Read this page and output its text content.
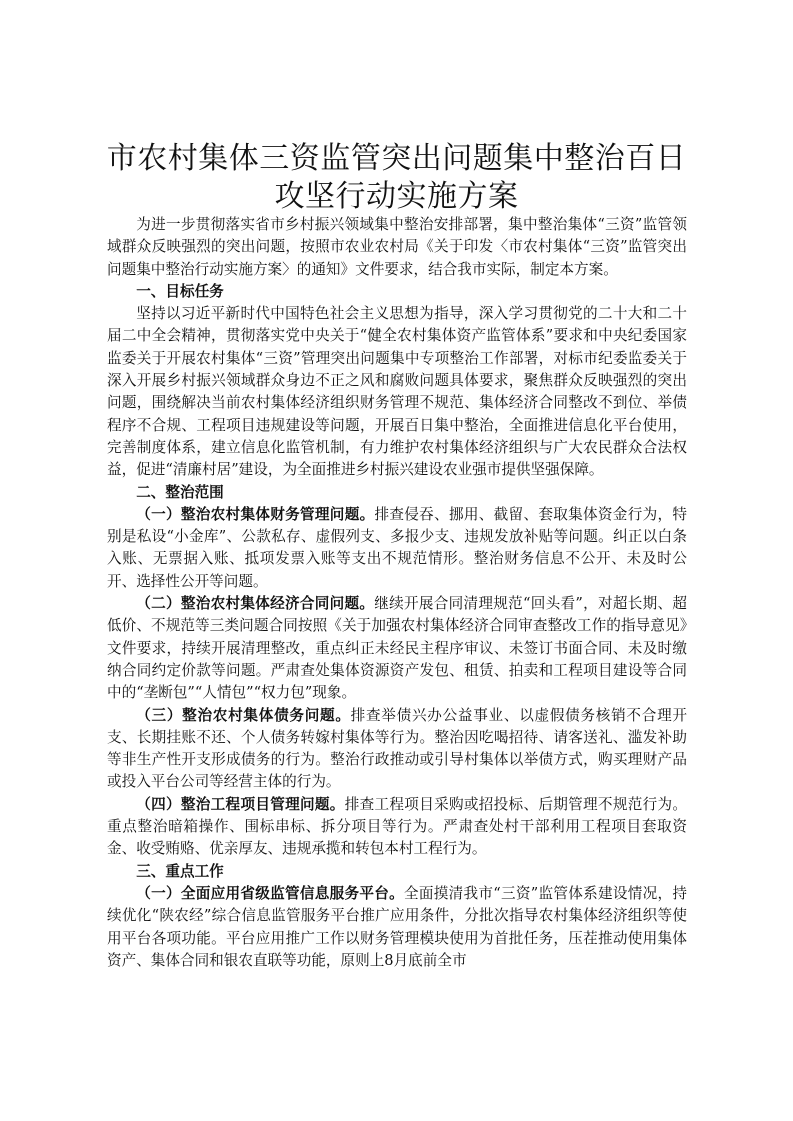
市农村集体三资监管突出问题集中整治百日攻坚行动实施方案

为进一步贯彻落实省市乡村振兴领域集中整治安排部署，集中整治集体“三资”监管领域群众反映强烈的突出问题，按照市农业农村局《关于印发〈市农村集体“三资”监管突出问题集中整治行动实施方案〉的通知》文件要求，结合我市实际，制定本方案。

一、目标任务

坚持以习近平新时代中国特色社会主义思想为指导，深入学习贯彻党的二十大和二十届二中全会精神，贯彻落实党中央关于“健全农村集体资产监管体系”要求和中央纪委国家监委关于开展农村集体“三资”管理突出问题集中专项整治工作部署，对标市纪委监委关于深入开展乡村振兴领域群众身边不正之风和腐败问题具体要求，聚焦群众反映强烈的突出问题，围绕解决当前农村集体经济组织财务管理不规范、集体经济合同整改不到位、举债程序不合规、工程项目违规建设等问题，开展百日集中整治，全面推进信息化平台使用，完善制度体系，建立信息化监管机制，有力维护农村集体经济组织与广大农民群众合法权益，促进“清廉村居”建设，为全面推进乡村振兴建设农业强市提供坚强保障。

二、整治范围

（一）整治农村集体财务管理问题。排查侵吞、挪用、截留、套取集体资金行为，特别是私设“小金库”、公款私存、虚假列支、多报少支、违规发放补贴等问题。纠正以白条入账、无票据入账、抵项发票入账等支出不规范情形。整治财务信息不公开、未及时公开、选择性公开等问题。

（二）整治农村集体经济合同问题。继续开展合同清理规范“回头看”，对超长期、超低价、不规范等三类问题合同按照《关于加强农村集体经济合同审查整改工作的指导意见》文件要求，持续开展清理整改，重点纠正未经民主程序审议、未签订书面合同、未及时缴纳合同约定价款等问题。严肃查处集体资源资产发包、租赁、拍卖和工程项目建设等合同中的“垄断包”“人情包”“权力包”现象。

（三）整治农村集体债务问题。排查举债兴办公益事业、以虚假债务核销不合理开支、长期挂账不还、个人债务转嫁村集体等行为。整治因吃喝招待、请客送礼、滥发补助等非生产性开支形成债务的行为。整治行政推动或引导村集体以举债方式，购买理财产品或投入平台公司等经营主体的行为。

（四）整治工程项目管理问题。排查工程项目采购或招投标、后期管理不规范行为。重点整治暗箱操作、围标串标、拆分项目等行为。严肃查处村干部利用工程项目套取资金、收受贿赂、优亲厚友、违规承揽和转包本村工程行为。

三、重点工作

（一）全面应用省级监管信息服务平台。全面摸清我市“三资”监管体系建设情况，持续优化“陕农经”综合信息监管服务平台推广应用条件，分批次指导农村集体经济组织等使用平台各项功能。平台应用推广工作以财务管理模块使用为首批任务，压茬推动使用集体资产、集体合同和银农直联等功能，原则上8月底前全市
